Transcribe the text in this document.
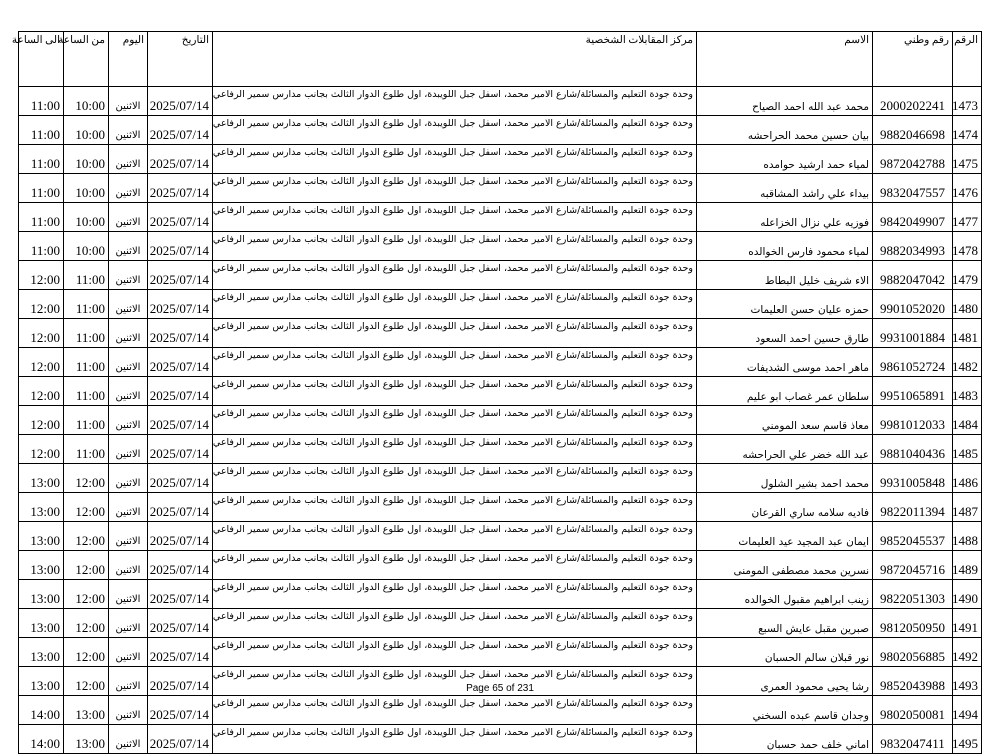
الرقم	رقم وطني	الاسم	مركز المقابلات الشخصية	التاريخ	اليوم	من الساعة	الى الساعة
1473	2000202241	محمد عبد الله احمد الصياح	وحدة جودة التعليم والمسائلة/شارع الامير محمد، اسفل جبل اللويبدة، اول طلوع الدوار الثالث بجانب مدارس سمير الرفاعي	2025/07/14	الاثنين	10:00	11:00
1474	9882046698	بيان حسين محمد الحراحشه	وحدة جودة التعليم والمسائلة/شارع الامير محمد، اسفل جبل اللويبدة، اول طلوع الدوار الثالث بجانب مدارس سمير الرفاعي	2025/07/14	الاثنين	10:00	11:00
1475	9872042788	لمياء حمد ارشيد حوامده	وحدة جودة التعليم والمسائلة/شارع الامير محمد، اسفل جبل اللويبدة، اول طلوع الدوار الثالث بجانب مدارس سمير الرفاعي	2025/07/14	الاثنين	10:00	11:00
1476	9832047557	بيداء علي راشد المشاقبه	وحدة جودة التعليم والمسائلة/شارع الامير محمد، اسفل جبل اللويبدة، اول طلوع الدوار الثالث بجانب مدارس سمير الرفاعي	2025/07/14	الاثنين	10:00	11:00
1477	9842049907	فوزيه علي نزال الخزاعله	وحدة جودة التعليم والمسائلة/شارع الامير محمد، اسفل جبل اللويبدة، اول طلوع الدوار الثالث بجانب مدارس سمير الرفاعي	2025/07/14	الاثنين	10:00	11:00
1478	9882034993	لمياء محمود فارس الخوالده	وحدة جودة التعليم والمسائلة/شارع الامير محمد، اسفل جبل اللويبدة، اول طلوع الدوار الثالث بجانب مدارس سمير الرفاعي	2025/07/14	الاثنين	10:00	11:00
1479	9882047042	الاء شريف خليل البطاط	وحدة جودة التعليم والمسائلة/شارع الامير محمد، اسفل جبل اللويبدة، اول طلوع الدوار الثالث بجانب مدارس سمير الرفاعي	2025/07/14	الاثنين	11:00	12:00
1480	9901052020	حمزه عليان حسن العليمات	وحدة جودة التعليم والمسائلة/شارع الامير محمد، اسفل جبل اللويبدة، اول طلوع الدوار الثالث بجانب مدارس سمير الرفاعي	2025/07/14	الاثنين	11:00	12:00
1481	9931001884	طارق حسين احمد السعود	وحدة جودة التعليم والمسائلة/شارع الامير محمد، اسفل جبل اللويبدة، اول طلوع الدوار الثالث بجانب مدارس سمير الرفاعي	2025/07/14	الاثنين	11:00	12:00
1482	9861052724	ماهر احمد موسى الشديفات	وحدة جودة التعليم والمسائلة/شارع الامير محمد، اسفل جبل اللويبدة، اول طلوع الدوار الثالث بجانب مدارس سمير الرفاعي	2025/07/14	الاثنين	11:00	12:00
1483	9951065891	سلطان عمر غصاب ابو عليم	وحدة جودة التعليم والمسائلة/شارع الامير محمد، اسفل جبل اللويبدة، اول طلوع الدوار الثالث بجانب مدارس سمير الرفاعي	2025/07/14	الاثنين	11:00	12:00
1484	9981012033	معاذ قاسم سعد المومني	وحدة جودة التعليم والمسائلة/شارع الامير محمد، اسفل جبل اللويبدة، اول طلوع الدوار الثالث بجانب مدارس سمير الرفاعي	2025/07/14	الاثنين	11:00	12:00
1485	9881040436	عبد الله خضر علي الحراحشه	وحدة جودة التعليم والمسائلة/شارع الامير محمد، اسفل جبل اللويبدة، اول طلوع الدوار الثالث بجانب مدارس سمير الرفاعي	2025/07/14	الاثنين	11:00	12:00
1486	9931005848	محمد احمد بشير الشلول	وحدة جودة التعليم والمسائلة/شارع الامير محمد، اسفل جبل اللويبدة، اول طلوع الدوار الثالث بجانب مدارس سمير الرفاعي	2025/07/14	الاثنين	12:00	13:00
1487	9822011394	فاديه سلامه ساري القرعان	وحدة جودة التعليم والمسائلة/شارع الامير محمد، اسفل جبل اللويبدة، اول طلوع الدوار الثالث بجانب مدارس سمير الرفاعي	2025/07/14	الاثنين	12:00	13:00
1488	9852045537	ايمان عبد المجيد عيد العليمات	وحدة جودة التعليم والمسائلة/شارع الامير محمد، اسفل جبل اللويبدة، اول طلوع الدوار الثالث بجانب مدارس سمير الرفاعي	2025/07/14	الاثنين	12:00	13:00
1489	9872045716	نسرين محمد مصطفى المومنى	وحدة جودة التعليم والمسائلة/شارع الامير محمد، اسفل جبل اللويبدة، اول طلوع الدوار الثالث بجانب مدارس سمير الرفاعي	2025/07/14	الاثنين	12:00	13:00
1490	9822051303	زينب ابراهيم مقبول الخوالده	وحدة جودة التعليم والمسائلة/شارع الامير محمد، اسفل جبل اللويبدة، اول طلوع الدوار الثالث بجانب مدارس سمير الرفاعي	2025/07/14	الاثنين	12:00	13:00
1491	9812050950	صبرين مقبل عايش السبع	وحدة جودة التعليم والمسائلة/شارع الامير محمد، اسفل جبل اللويبدة، اول طلوع الدوار الثالث بجانب مدارس سمير الرفاعي	2025/07/14	الاثنين	12:00	13:00
1492	9802056885	نور قبلان سالم الحسبان	وحدة جودة التعليم والمسائلة/شارع الامير محمد، اسفل جبل اللويبدة، اول طلوع الدوار الثالث بجانب مدارس سمير الرفاعي	2025/07/14	الاثنين	12:00	13:00
1493	9852043988	رشا يحيى محمود العمرى	وحدة جودة التعليم والمسائلة/شارع الامير محمد، اسفل جبل اللويبدة، اول طلوع الدوار الثالث بجانب مدارس سمير الرفاعي	2025/07/14	الاثنين	12:00	13:00
1494	9802050081	وجدان قاسم عبده السخني	وحدة جودة التعليم والمسائلة/شارع الامير محمد، اسفل جبل اللويبدة، اول طلوع الدوار الثالث بجانب مدارس سمير الرفاعي	2025/07/14	الاثنين	13:00	14:00
1495	9832047411	اماني خلف حمد حسبان	وحدة جودة التعليم والمسائلة/شارع الامير محمد، اسفل جبل اللويبدة، اول طلوع الدوار الثالث بجانب مدارس سمير الرفاعي	2025/07/14	الاثنين	13:00	14:00
Page 65 of 231
